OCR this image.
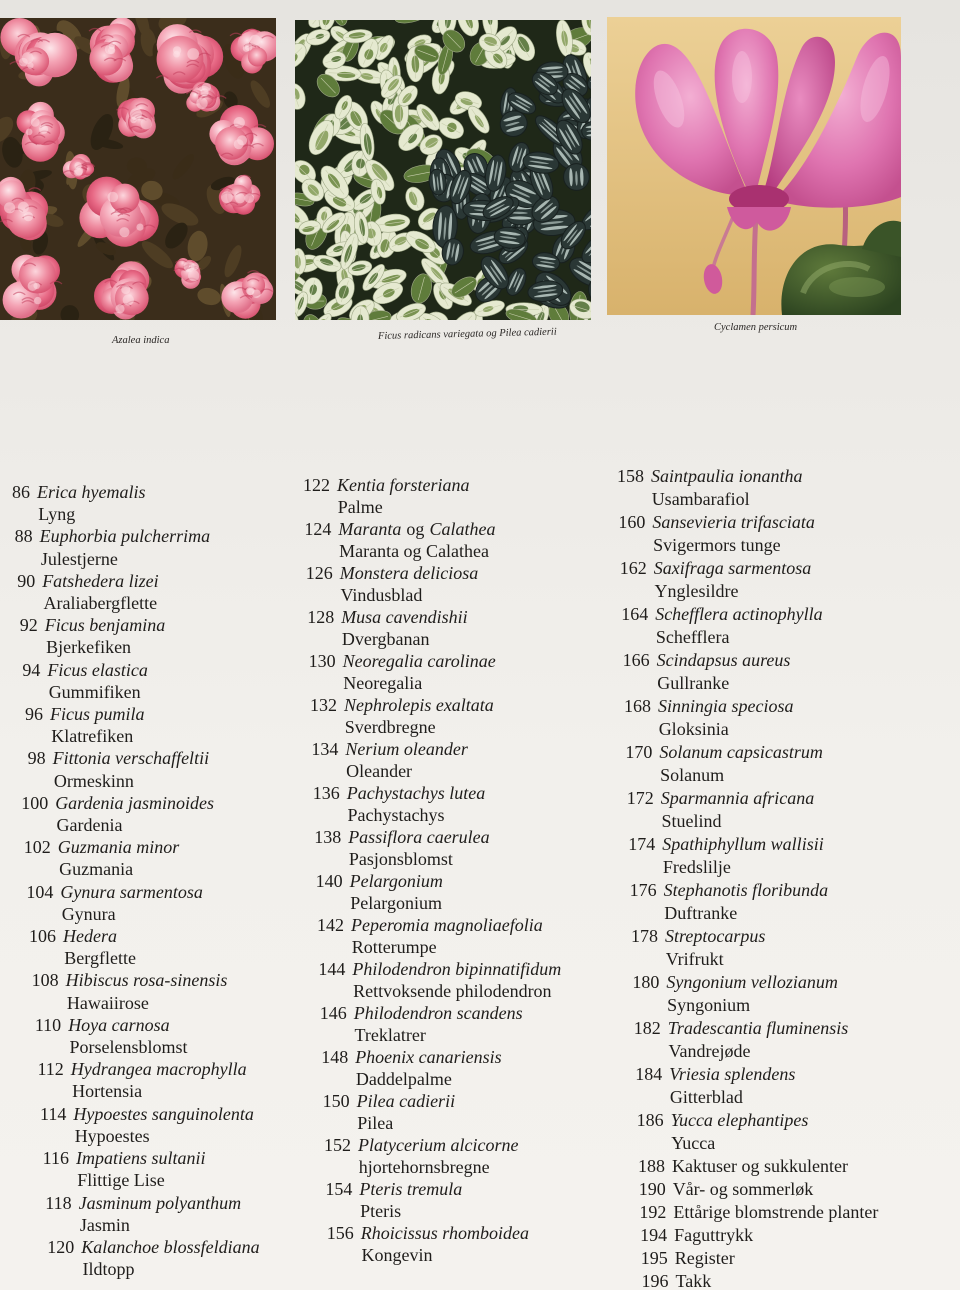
Azalea indica	Ficus radicans variegata og Pilea cadierii	Cyclamen persicum
86 Erica hyemalis
Lyng
88 Euphorbia pulcherrima
Julestjerne
90 Fatshedera lizei
Araliabergflette
92 Ficus benjamina
Bjerkefiken
94 Ficus elastica
Gummifiken
96 Ficus pumila
Klatrefiken
98 Fittonia verschaffeltii
Ormeskinn
100 Gardenia jasminoides
Gardenia
102 Guzmania minor
Guzmania
104 Gynura sarmentosa
Gynura
106 Hedera
Bergflette
108 Hibiscus rosa-sinensis
Hawaiirose
110 Hoya carnosa
Porselensblomst
112 Hydrangea macrophylla
Hortensia
114 Hypoestes sanguinolenta
Hypoestes
116 Impatiens sultanii
Flittige Lise
118 Jasminum polyanthum
Jasmin
120 Kalanchoe blossfeldiana
Ildtopp
122 Kentia forsteriana
Palme
124 Maranta og Calathea
Maranta og Calathea
126 Monstera deliciosa
Vindusblad
128 Musa cavendishii
Dvergbanan
130 Neoregalia carolinae
Neoregalia
132 Nephrolepis exaltata
Sverdbregne
134 Nerium oleander
Oleander
136 Pachystachys lutea
Pachystachys
138 Passiflora caerulea
Pasjonsblomst
140 Pelargonium
Pelargonium
142 Peperomia magnoliaefolia
Rotterumpe
144 Philodendron bipinnatifidum
Rettvoksende philodendron
146 Philodendron scandens
Treklatrer
148 Phoenix canariensis
Daddelpalme
150 Pilea cadierii
Pilea
152 Platycerium alcicorne
hjortehornsbregne
154 Pteris tremula
Pteris
156 Rhoicissus rhomboidea
Kongevin
158 Saintpaulia ionantha
Usambarafiol
160 Sansevieria trifasciata
Svigermors tunge
162 Saxifraga sarmentosa
Ynglesildre
164 Schefflera actinophylla
Schefflera
166 Scindapsus aureus
Gullranke
168 Sinningia speciosa
Gloksinia
170 Solanum capsicastrum
Solanum
172 Sparmannia africana
Stuelind
174 Spathiphyllum wallisii
Fredslilje
176 Stephanotis floribunda
Duftranke
178 Streptocarpus
Vrifrukt
180 Syngonium vellozianum
Syngonium
182 Tradescantia fluminensis
Vandrejøde
184 Vriesia splendens
Gitterblad
186 Yucca elephantipes
Yucca
188 Kaktuser og sukkulenter
190 Vår- og sommerløk
192 Ettårige blomstrende planter
194 Faguttrykk
195 Register
196 Takk
